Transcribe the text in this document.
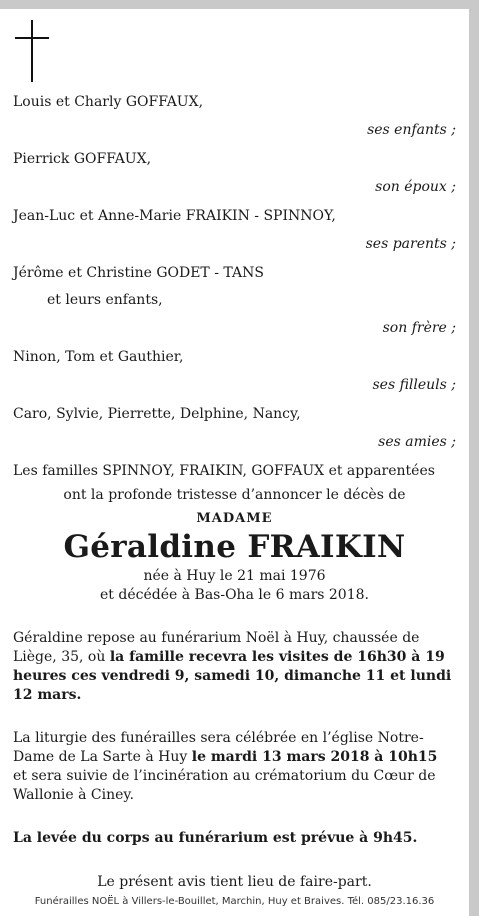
Louis et Charly GOFFAUX,
ses enfants ;
Pierrick GOFFAUX,
son époux ;
Jean-Luc et Anne-Marie FRAIKIN - SPINNOY,
ses parents ;
Jérôme et Christine GODET - TANS
et leurs enfants,
son frère ;
Ninon, Tom et Gauthier,
ses filleuls ;
Caro, Sylvie, Pierrette, Delphine, Nancy,
ses amies ;
Les familles SPINNOY, FRAIKIN, GOFFAUX et apparentées
ont la profonde tristesse d’annoncer le décès de
MADAME
Géraldine FRAIKIN
née à Huy le 21 mai 1976
et décédée à Bas-Oha le 6 mars 2018.
Géraldine repose au funérarium Noël à Huy, chaussée de Liège, 35, où la famille recevra les visites de 16h30 à 19 heures ces vendredi 9, samedi 10, dimanche 11 et lundi 12 mars.
La liturgie des funérailles sera célébrée en l’église Notre-Dame de La Sarte à Huy le mardi 13 mars 2018 à 10h15 et sera suivie de l’incinération au crématorium du Cœur de Wallonie à Ciney.
La levée du corps au funérarium est prévue à 9h45.
Le présent avis tient lieu de faire-part.
Funérailles NOËL à Villers-le-Bouillet, Marchin, Huy et Braives. Tél. 085/23.16.36
